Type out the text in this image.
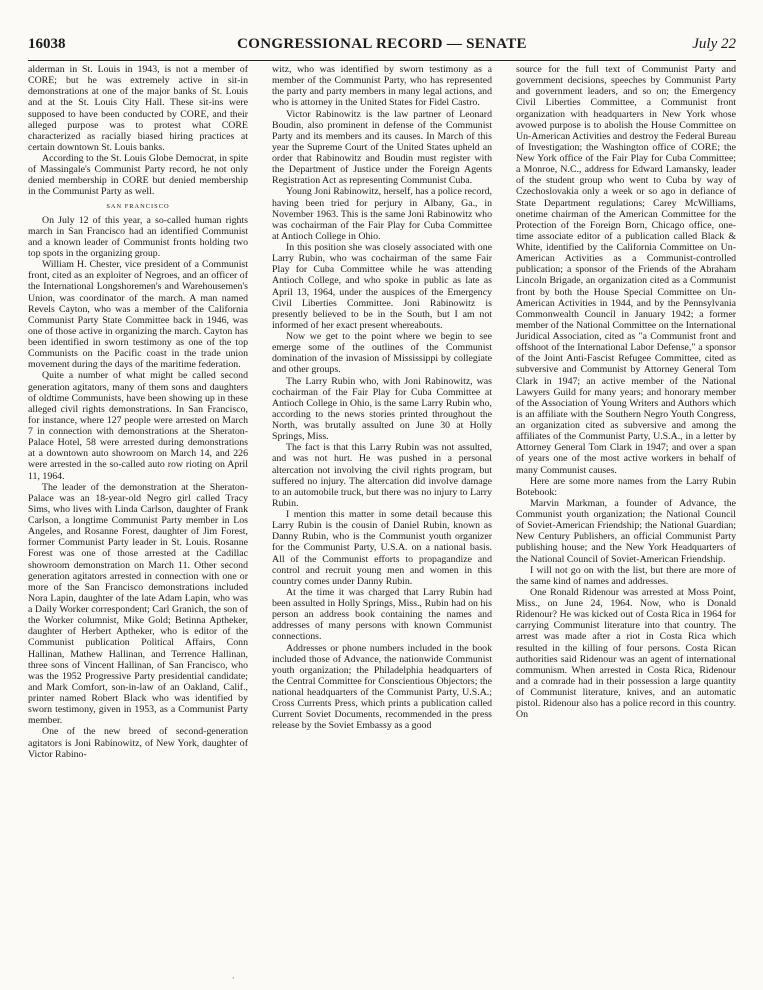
16038	CONGRESSIONAL RECORD — SENATE	July 22

alderman in St. Louis in 1943, is not a member of CORE; but he was extremely active in sit-in demonstrations at one of the major banks of St. Louis and at the St. Louis City Hall. These sit-ins were supposed to have been conducted by CORE, and their alleged purpose was to protest what CORE characterized as racially biased hiring practices at certain downtown St. Louis banks.

According to the St. Louis Globe Democrat, in spite of Massingale's Communist Party record, he not only denied membership in CORE but denied membership in the Communist Party as well.

SAN FRANCISCO

On July 12 of this year, a so-called human rights march in San Francisco had an identified Communist and a known leader of Communist fronts holding two top spots in the organizing group.

William H. Chester, vice president of a Communist front, cited as an exploiter of Negroes, and an officer of the International Longshoremen's and Warehousemen's Union, was coordinator of the march. A man named Revels Cayton, who was a member of the California Communist Party State Committee back in 1946, was one of those active in organizing the march. Cayton has been identified in sworn testimony as one of the top Communists on the Pacific coast in the trade union movement during the days of the maritime federation.

Quite a number of what might be called second generation agitators, many of them sons and daughters of oldtime Communists, have been showing up in these alleged civil rights demonstrations. In San Francisco, for instance, where 127 people were arrested on March 7 in connection with demonstrations at the Sheraton-Palace Hotel, 58 were arrested during demonstrations at a downtown auto showroom on March 14, and 226 were arrested in the so-called auto row rioting on April 11, 1964.

The leader of the demonstration at the Sheraton-Palace was an 18-year-old Negro girl called Tracy Sims, who lives with Linda Carlson, daughter of Frank Carlson, a longtime Communist Party member in Los Angeles, and Rosanne Forest, daughter of Jim Forest, former Communist Party leader in St. Louis. Rosanne Forest was one of those arrested at the Cadillac showroom demonstration on March 11. Other second generation agitators arrested in connection with one or more of the San Francisco demonstrations included Nora Lapin, daughter of the late Adam Lapin, who was a Daily Worker correspondent; Carl Granich, the son of the Worker columnist, Mike Gold; Betinna Aptheker, daughter of Herbert Aptheker, who is editor of the Communist publication Political Affairs, Conn Hallinan, Mathew Hallinan, and Terrence Hallinan, three sons of Vincent Hallinan, of San Francisco, who was the 1952 Progressive Party presidential candidate; and Mark Comfort, son-in-law of an Oakland, Calif., printer named Robert Black who was identified by sworn testimony, given in 1953, as a Communist Party member.

One of the new breed of second-generation agitators is Joni Rabinowitz, of New York, daughter of Victor Rabino-

witz, who was identified by sworn testimony as a member of the Communist Party, who has represented the party and party members in many legal actions, and who is attorney in the United States for Fidel Castro.

Victor Rabinowitz is the law partner of Leonard Boudin, also prominent in defense of the Communist Party and its members and its causes. In March of this year the Supreme Court of the United States upheld an order that Rabinowitz and Boudin must register with the Department of Justice under the Foreign Agents Registration Act as representing Communist Cuba.

Young Joni Rabinowitz, herself, has a police record, having been tried for perjury in Albany, Ga., in November 1963. This is the same Joni Rabinowitz who was cochairman of the Fair Play for Cuba Committee at Antioch College in Ohio.

In this position she was closely associated with one Larry Rubin, who was cochairman of the same Fair Play for Cuba Committee while he was attending Antioch College, and who spoke in public as late as April 13, 1964, under the auspices of the Emergency Civil Liberties Committee. Joni Rabinowitz is presently believed to be in the South, but I am not informed of her exact present whereabouts.

Now we get to the point where we begin to see emerge some of the outlines of the Communist domination of the invasion of Mississippi by collegiate and other groups.

The Larry Rubin who, with Joni Rabinowitz, was cochairman of the Fair Play for Cuba Committee at Antioch College in Ohio, is the same Larry Rubin who, according to the news stories printed throughout the North, was brutally assulted on June 30 at Holly Springs, Miss.

The fact is that this Larry Rubin was not assulted, and was not hurt. He was pushed in a personal altercation not involving the civil rights program, but suffered no injury. The altercation did involve damage to an automobile truck, but there was no injury to Larry Rubin.

I mention this matter in some detail because this Larry Rubin is the cousin of Daniel Rubin, known as Danny Rubin, who is the Communist youth organizer for the Communist Party, U.S.A. on a national basis. All of the Communist efforts to propagandize and control and recruit young men and women in this country comes under Danny Rubin.

At the time it was charged that Larry Rubin had been assulted in Holly Springs, Miss., Rubin had on his person an address book containing the names and addresses of many persons with known Communist connections.

Addresses or phone numbers included in the book included those of Advance, the nationwide Communist youth organization; the Philadelphia headquarters of the Central Committee for Conscientious Objectors; the national headquarters of the Communist Party, U.S.A.; Cross Currents Press, which prints a publication called Current Soviet Documents, recommended in the press release by the Soviet Embassy as a good

source for the full text of Communist Party and government decisions, speeches by Communist Party and government leaders, and so on; the Emergency Civil Liberties Committee, a Communist front organization with headquarters in New York whose avowed purpose is to abolish the House Committee on Un-American Activities and destroy the Federal Bureau of Investigation; the Washington office of CORE; the New York office of the Fair Play for Cuba Committee; a Monroe, N.C., address for Edward Lamansky, leader of the student group who went to Cuba by way of Czechoslovakia only a week or so ago in defiance of State Department regulations; Carey McWilliams, onetime chairman of the American Committee for the Protection of the Foreign Born, Chicago office, one-time associate editor of a publication called Black & White, identified by the California Committee on Un-American Activities as a Communist-controlled publication; a sponsor of the Friends of the Abraham Lincoln Brigade, an organization cited as a Communist front by both the House Special Committee on Un-American Activities in 1944, and by the Pennsylvania Commonwealth Council in January 1942; a former member of the National Committee on the International Juridical Association, cited as "a Communist front and offshoot of the International Labor Defense," a sponsor of the Joint Anti-Fascist Refugee Committee, cited as subversive and Communist by Attorney General Tom Clark in 1947; an active member of the National Lawyers Guild for many years; and honorary member of the Association of Young Writers and Authors which is an affiliate with the Southern Negro Youth Congress, an organization cited as subversive and among the affiliates of the Communist Party, U.S.A., in a letter by Attorney General Tom Clark in 1947; and over a span of years one of the most active workers in behalf of many Communist causes.

Here are some more names from the Larry Rubin Botebook:

Marvin Markman, a founder of Advance, the Communist youth organization; the National Council of Soviet-American Friendship; the National Guardian; New Century Publishers, an official Communist Party publishing house; and the New York Headquarters of the National Council of Soviet-American Friendship.

I will not go on with the list, but there are more of the same kind of names and addresses.

One Ronald Ridenour was arrested at Moss Point, Miss., on June 24, 1964. Now, who is Donald Ridenour? He was kicked out of Costa Rica in 1964 for carrying Communist literature into that country. The arrest was made after a riot in Costa Rica which resulted in the killing of four persons. Costa Rican authorities said Ridenour was an agent of international communism. When arrested in Costa Rica, Ridenour and a comrade had in their possession a large quantity of Communist literature, knives, and an automatic pistol. Ridenour also has a police record in this country. On

·
